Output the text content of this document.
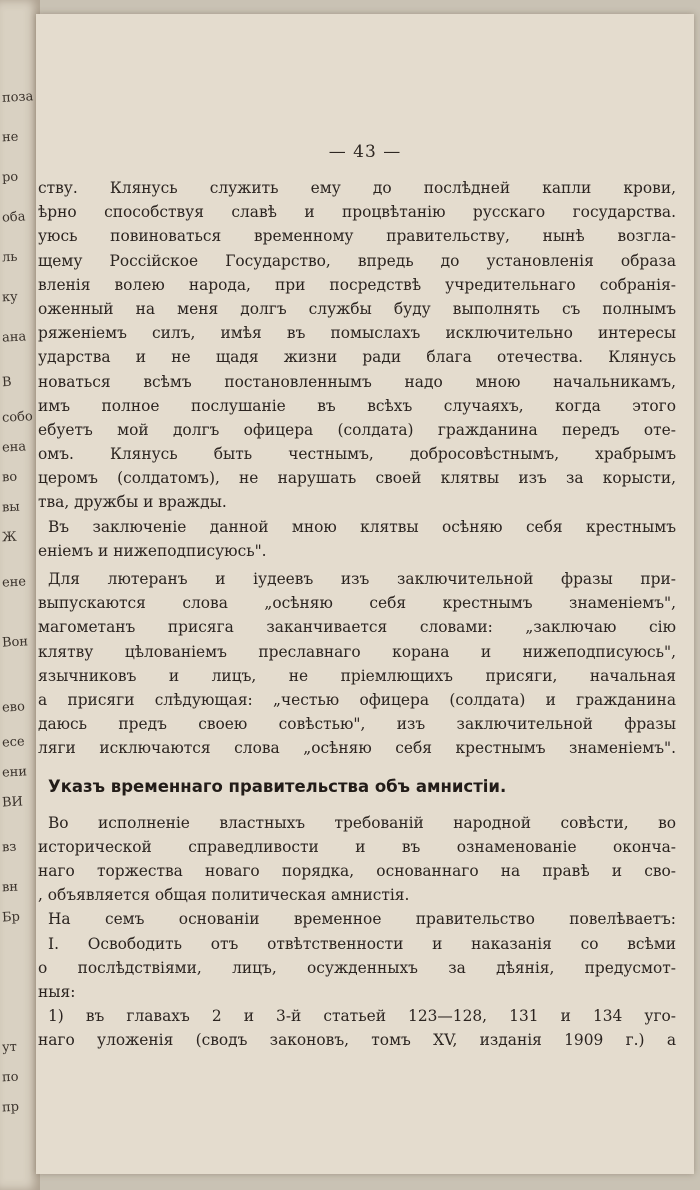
поза
не
ро
оба
ль
ку
ана
В
собо
ена
во
вы
Ж
ене
Вон
ево
есе
ени
ВИ
вз
вн
Бр
ут
по
пр
— 43 —
ству. Клянусь служить ему до послѣдней капли крови,
ѣрно способствуя славѣ и процвѣтанію русскаго государства.
уюсь повиноваться временному правительству, нынѣ возгла-
щему Россійское Государство, впредь до установленія образа
вленія волею народа, при посредствѣ учредительнаго собранія-
оженный на меня долгъ службы буду выполнять съ полнымъ
ряженіемъ силъ, имѣя въ помыслахъ исключительно интересы
ударства и не щадя жизни ради блага отечества. Клянусь
новаться всѣмъ постановленнымъ надо мною начальникамъ,
имъ полное послушаніе въ всѣхъ случаяхъ, когда этого
ебуетъ мой долгъ офицера (солдата) гражданина передъ оте-
омъ. Клянусь быть честнымъ, добросовѣстнымъ, храбрымъ
церомъ (солдатомъ), не нарушать своей клятвы изъ за корысти,
тва, дружбы и вражды.
Въ заключеніе данной мною клятвы осѣняю себя крестнымъ
енiемъ и нижеподписуюсь".
Для лютеранъ и іудеевъ изъ заключительной фразы при-
выпускаются слова „осѣняю себя крестнымъ знаменіемъ",
магометанъ присяга заканчивается словами: „заключаю сію
клятву цѣлованіемъ преславнаго корана и нижеподписуюсь",
язычниковъ и лицъ, не пріемлющихъ присяги, начальная
а присяги слѣдующая: „честью офицера (солдата) и гражданина
даюсь предъ своею совѣстью", изъ заключительной фразы
ляги исключаются слова „осѣняю себя крестнымъ знаменіемъ".
Указъ временнаго правительства объ амнистіи.
Во исполненіе властныхъ требованій народной совѣсти, во
исторической справедливости и въ ознаменованіе оконча-
наго торжества новаго порядка, основаннаго на правѣ и сво-
, объявляется общая политическая амнистія.
На семъ основаніи временное правительство повелѣваетъ:
I. Освободить отъ отвѣтственности и наказанія со всѣми
о послѣдствіями, лицъ, осужденныхъ за дѣянія, предусмот-
ныя:
1) въ главахъ 2 и 3-й статьей 123—128, 131 и 134 уго-
наго уложенія (сводъ законовъ, томъ XV, изданія 1909 г.) а
